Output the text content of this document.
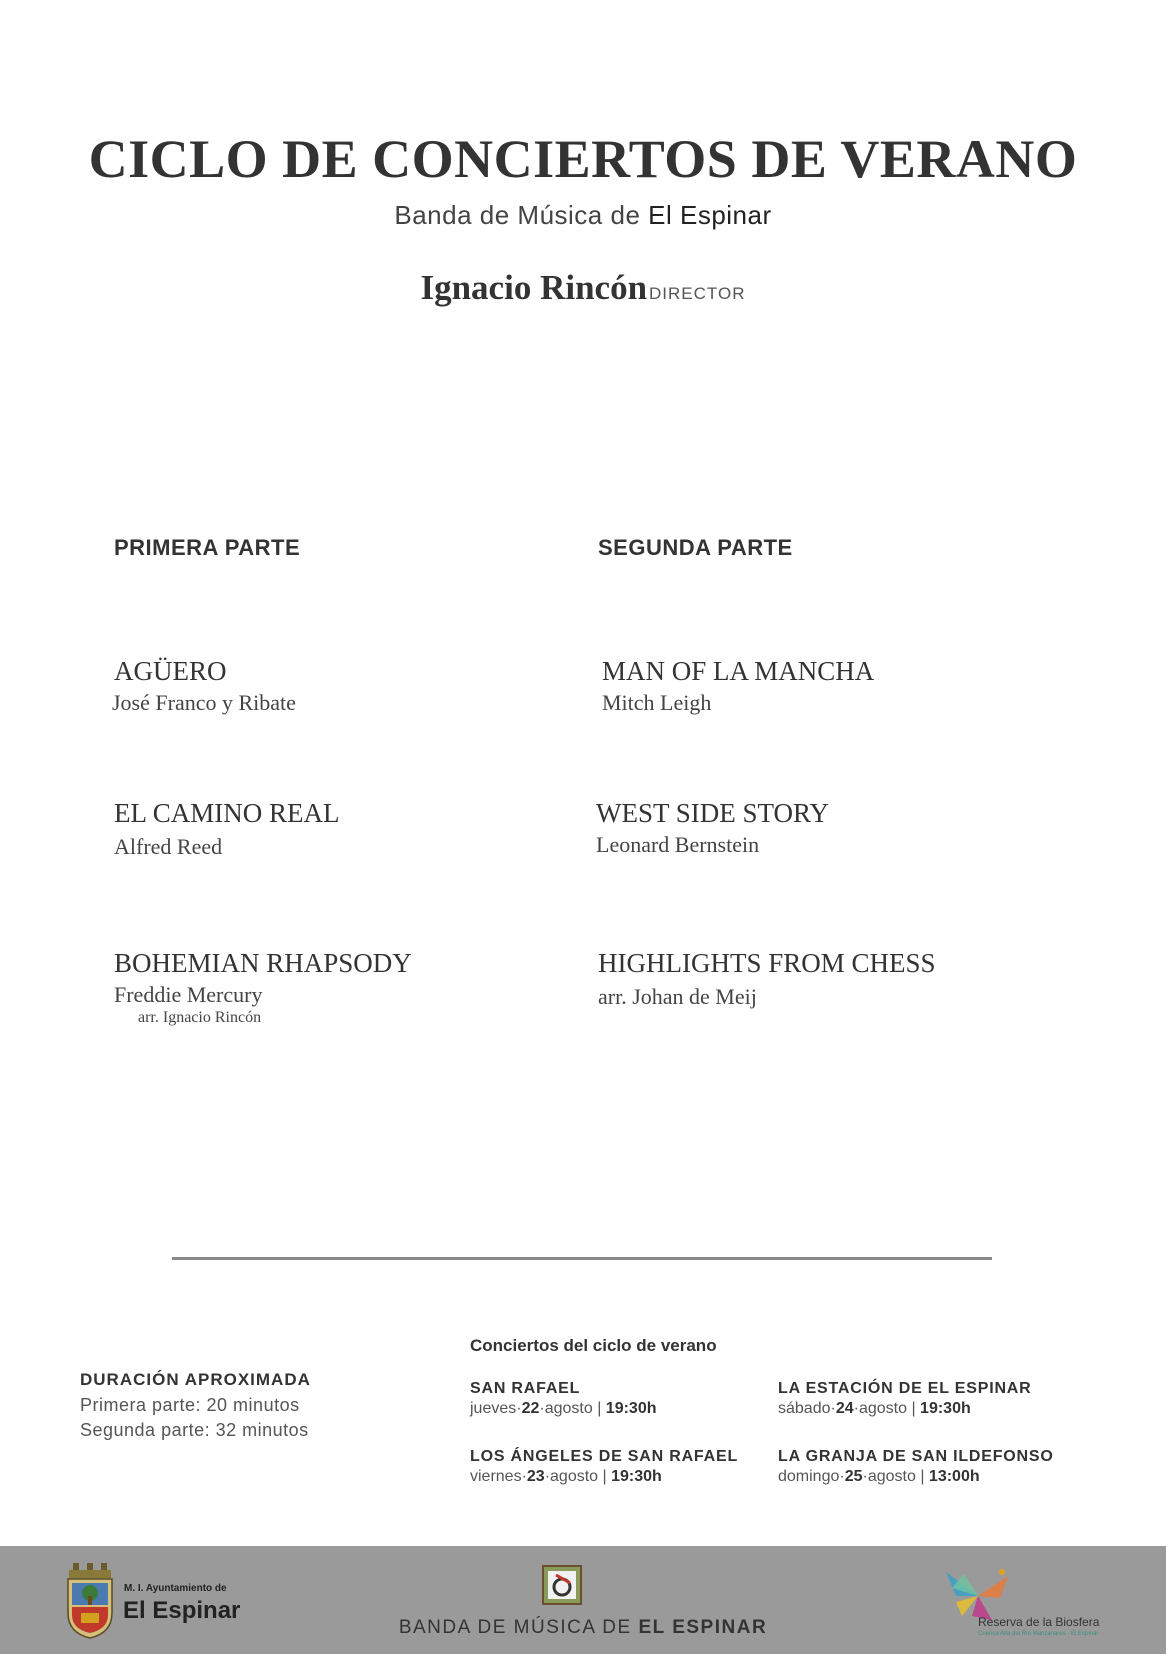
CICLO DE CONCIERTOS DE VERANO
Banda de Música de El Espinar
Ignacio Rincón DIRECTOR
PRIMERA PARTE	SEGUNDA PARTE
AGÜERO
José Franco y Ribate
EL CAMINO REAL
Alfred Reed
BOHEMIAN RHAPSODY
Freddie Mercury
arr. Ignacio Rincón
MAN OF LA MANCHA
Mitch Leigh
WEST SIDE STORY
Leonard Bernstein
HIGHLIGHTS FROM CHESS
arr. Johan de Meij
DURACIÓN APROXIMADA
Primera parte: 20 minutos
Segunda parte: 32 minutos
Conciertos del ciclo de verano
SAN RAFAEL
jueves·22·agosto | 19:30h
LA ESTACIÓN DE EL ESPINAR
sábado·24·agosto | 19:30h
LOS ÁNGELES DE SAN RAFAEL
viernes·23·agosto | 19:30h
LA GRANJA DE SAN ILDEFONSO
domingo·25·agosto | 13:00h
M. I. Ayuntamiento de
El Espinar
BANDA DE MÚSICA DE EL ESPINAR	Reserva de la Biosfera
Cuenca Alta del Río Manzanares · El Espinar
